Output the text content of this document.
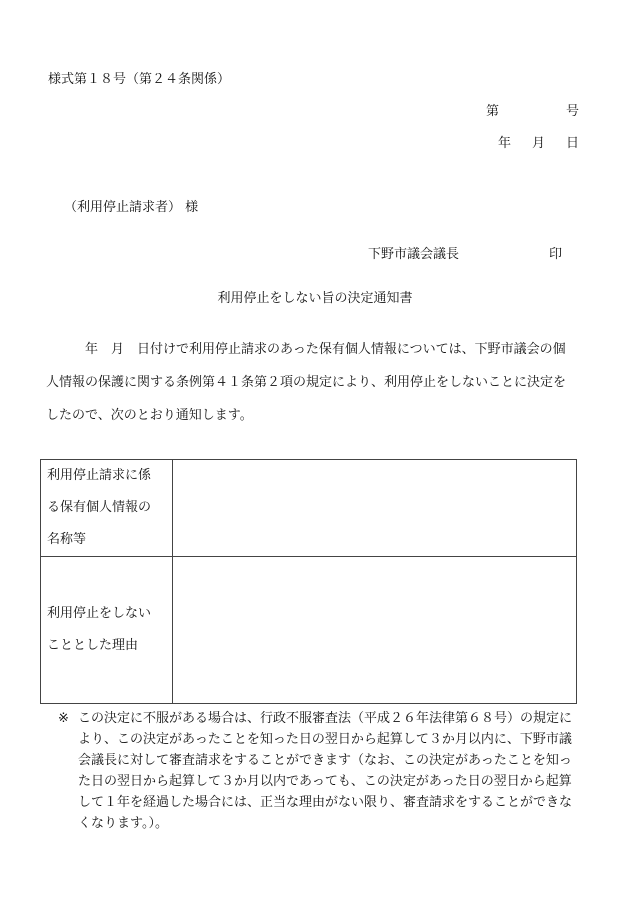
様式第１８号（第２４条関係）
第	号
年 月 日
（利用停止請求者） 様
下野市議会議長	印
利用停止をしない旨の決定通知書

　　　年　月　日付けで利用停止請求のあった保有個人情報については、下野市議会の個

人情報の保護に関する条例第４１条第２項の規定により、利用停止をしないことに決定を

したので、次のとおり通知します。

利用停止請求に係
る保有個人情報の
名称等	

利用停止をしない
こととした理由	

※ この決定に不服がある場合は、行政不服審査法（平成２６年法律第６８号）の規定に
より、この決定があったことを知った日の翌日から起算して３か月以内に、下野市議
会議長に対して審査請求をすることができます（なお、この決定があったことを知っ
た日の翌日から起算して３か月以内であっても、この決定があった日の翌日から起算
して１年を経過した場合には、正当な理由がない限り、審査請求をすることができな
くなります。）。
